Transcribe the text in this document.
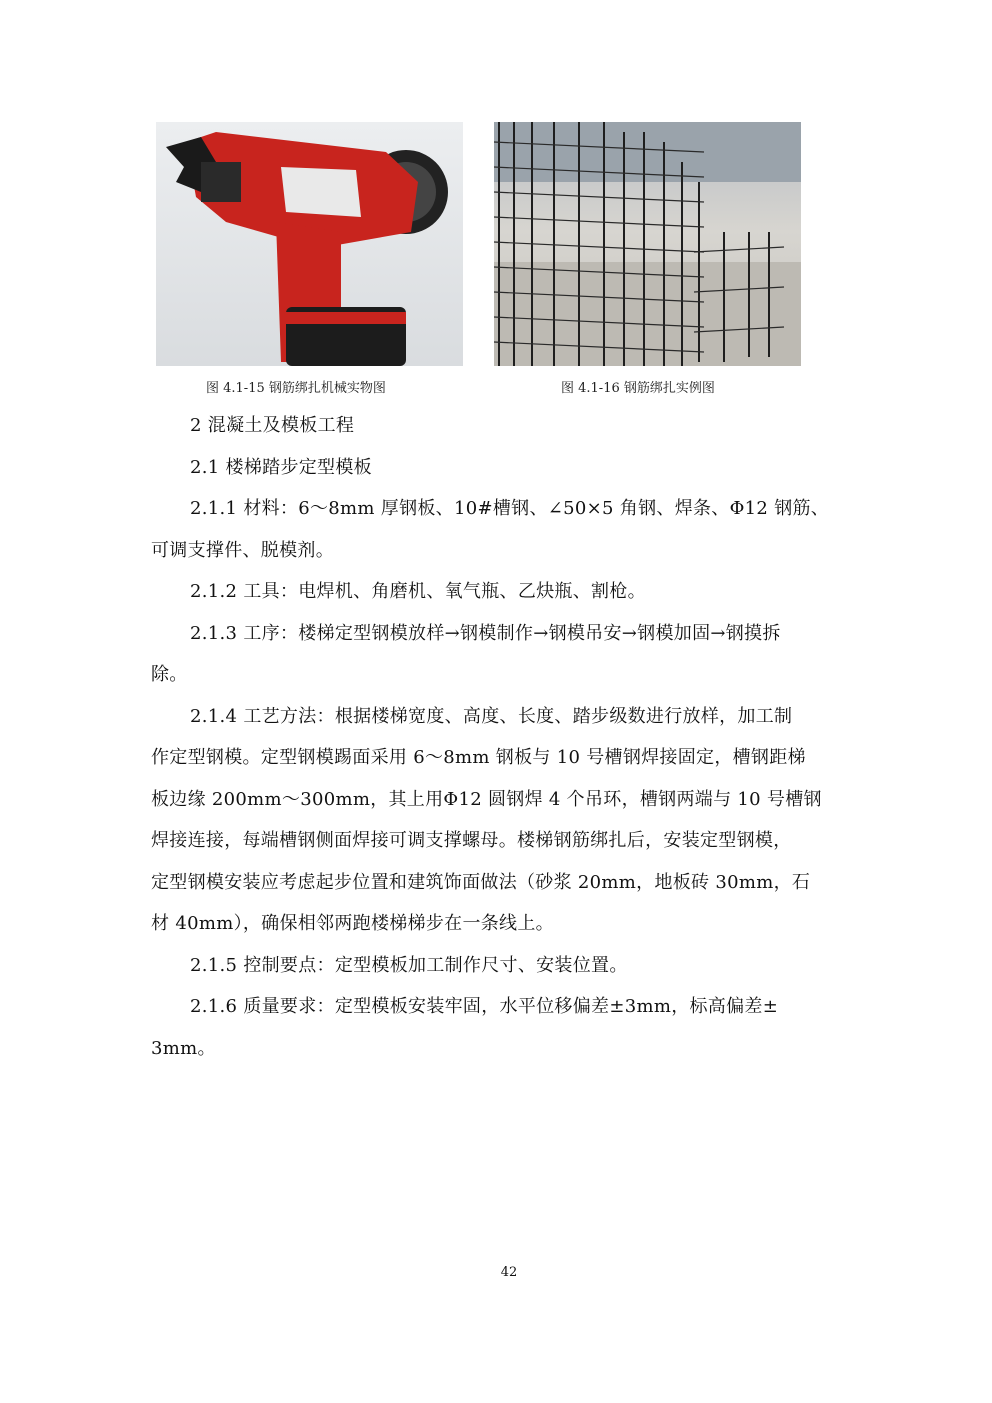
图 4.1-15 钢筋绑扎机械实物图	图 4.1-16 钢筋绑扎实例图
2 混凝土及模板工程
2.1 楼梯踏步定型模板
2.1.1 材料：6～8mm 厚钢板、10#槽钢、∠50×5 角钢、焊条、Φ12 钢筋、
可调支撑件、脱模剂。
2.1.2 工具：电焊机、角磨机、氧气瓶、乙炔瓶、割枪。
2.1.3 工序：楼梯定型钢模放样→钢模制作→钢模吊安→钢模加固→钢摸拆
除。
2.1.4 工艺方法：根据楼梯宽度、高度、长度、踏步级数进行放样，加工制
作定型钢模。定型钢模踢面采用 6～8mm 钢板与 10 号槽钢焊接固定，槽钢距梯
板边缘 200mm～300mm，其上用Φ12 圆钢焊 4 个吊环，槽钢两端与 10 号槽钢
焊接连接，每端槽钢侧面焊接可调支撑螺母。楼梯钢筋绑扎后，安装定型钢模，
定型钢模安装应考虑起步位置和建筑饰面做法（砂浆 20mm，地板砖 30mm，石
材 40mm），确保相邻两跑楼梯梯步在一条线上。
2.1.5 控制要点：定型模板加工制作尺寸、安装位置。
2.1.6 质量要求：定型模板安装牢固，水平位移偏差±3mm，标高偏差±
3mm。
42
